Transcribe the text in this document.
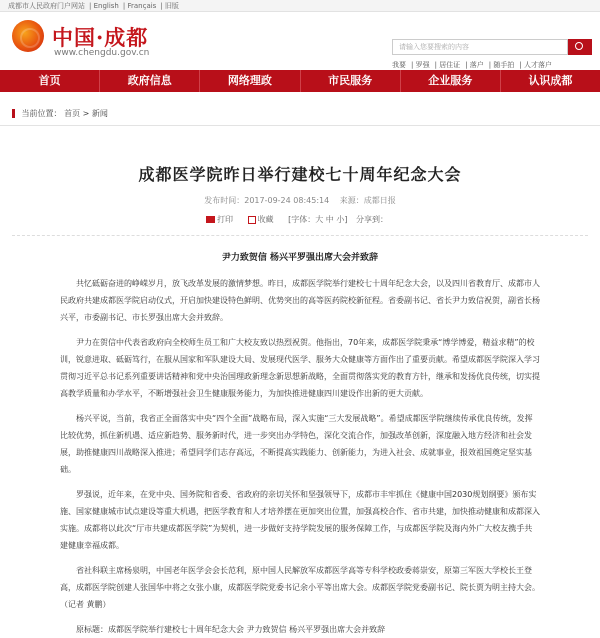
成都市人民政府门户网站 | English | Français | 旧版
中国·成都
www.chengdu.gov.cn
请输入您要搜索的内容
我要 | 罗强 | 居住证 | 落户 | 随手拍 | 人才落户
首页	政府信息	网络理政	市民服务	企业服务	认识成都
当前位置： 首页 > 新闻
成都医学院昨日举行建校七十周年纪念大会
发布时间：2017-09-24 08:45:14 来源：成都日报
打印	收藏 [字体：大 中 小] 分享到：
尹力致贺信 杨兴平罗强出席大会并致辞

共忆砥砺奋进的峥嵘岁月，放飞改革发展的激情梦想。昨日，成都医学院举行建校七十周年纪念大会，以及四川省教育厅、成都市人民政府共建成都医学院启动仪式，开启加快建设特色鲜明、优势突出的高等医药院校新征程。省委副书记、省长尹力致信祝贺，副省长杨兴平，市委副书记、市长罗强出席大会并致辞。

尹力在贺信中代表省政府向全校师生员工和广大校友致以热烈祝贺。他指出，70年来，成都医学院秉承“博学博爱，精益求精”的校训，锐意进取、砥砺笃行，在服从国家和军队建设大局、发展现代医学、服务大众健康等方面作出了重要贡献。希望成都医学院深入学习贯彻习近平总书记系列重要讲话精神和党中央治国理政新理念新思想新战略，全面贯彻落实党的教育方针，继承和发扬优良传统，切实提高教学质量和办学水平，不断增强社会卫生健康服务能力，为加快推进健康四川建设作出新的更大贡献。

杨兴平说，当前，我省正全面落实中央“四个全面”战略布局，深入实施“三大发展战略”。希望成都医学院继续传承优良传统，发挥比较优势，抓住新机遇、适应新趋势、服务新时代，进一步突出办学特色，深化交流合作，加强改革创新，深度融入地方经济和社会发展，助推健康四川战略深入推进；希望同学们志存高远，不断提高实践能力、创新能力，为进入社会、成就事业，报效祖国奠定坚实基础。

罗强说，近年来，在党中央、国务院和省委、省政府的亲切关怀和坚强领导下，成都市丰牢抓住《健康中国2030规划纲要》颁布实施、国家健康城市试点建设等重大机遇，把医学教育和人才培养摆在更加突出位置，加强高校合作、省市共建，加快推动健康和成都深入实施。成都将以此次“厅市共建成都医学院”为契机，进一步做好支持学院发展的服务保障工作，与成都医学院及海内外广大校友携手共建健康幸福成都。

省社科联主席杨泉明，中国老年医学会会长范利，原中国人民解放军成都医学高等专科学校政委蒋崇安，原第三军医大学校长王登高，成都医学院创建人张国华中将之女张小康，成都医学院党委书记余小平等出席大会。成都医学院党委副书记、院长贾为明主持大会。（记者 黄鹏）

原标题：成都医学院举行建校七十周年纪念大会 尹力致贺信 杨兴平罗强出席大会并致辞
